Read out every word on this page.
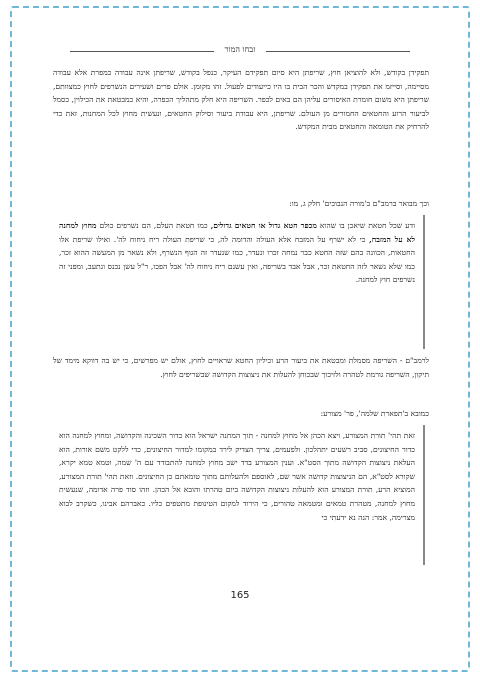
זבחו המור
תפקידן בקודש, ולא להוציאן חוץ, שריפתן היא סיום תפקידם העיקר, כנפל בקודש, שריפתן אינה עבודה כמפרת אלא עבודה מסיימה, וסייזמ את תפקידן במקדש והכר הבית בו היו כייעודים לפעול. זהו מקומן. אולם פרים ושעירים הנשרפים לחוץ כמצוותם, שריפתן היא משום חומרת האיסורים עליהן הם באים לכפר. השריפה היא חלק מתהליך הכפרה, והיא כמבטאת את הכילוין, כסמל לביעור הרוע והחטאים החמורים מן העולם. שריפתן, היא עבודת ביעור וסילוק החטאים, ונעשית מחוץ לכל המחנות, זאת כדי להרחיק את הטומאה והחטאים מבית המקדש.
וכך מבואר ברמב"ם ב'מורה הנבוכים' חלק ג, מו:
ודע שכל חטאת שיאכן בו שהוא מכפר חטא גדול או חטאים גדולים, כמו חטאת העלם, הם נשרפים כולם מחוץ למחנה לא על המזבח, כי לא ישרף על המזבח אלא העולה והדומה לה, כי שריפת העולה ריח ניחוח לה'. ואילו שריפת אלו החטאות, הכוונה בהם שזה החטא כבר נמחה זכרו ונעדר, כמו שנעדר זה הגוף הנשרף, ולא נשאר מן המעשה ההוא זכר, כמו שלא נשאר לזה החטאת זכר, אבל אבד בשריפה, ואין עשנם ריח ניחוח לה' אבל הפכו, ר"ל עשן נכנס ונתעב, ומפני זה נשרפים חוץ למחנה.
לרמב"ם - השריפה מסמלת ומבטאת את ביעור הרע וכיליון החטא שראויים לחוץ, אולם יש מפרשים, כי יש בה דווקא מימד של תיקון, השריפה גורמת לטהרה ולזיכוך שבכוחן להעלות את ניצוצות הקדושה שבשריפים לחוץ.
כמובא ב'תפארת שלמה', פר' מצורע:
זאת תהי' תורת המצורע, ויצא הכהן אל מחוץ למחנה - תוך המחנה ישראל הוא כדור השכינה והקדושה, ומחוץ למחנה הוא כדור החיצונים, סביב רשעים יתהלכון. ולפעמים, צריך הצדיק לירד במקומו למדור החיצונים, כדי ללקט משם אורות, הוא העלאת ניצוצות הקדושה מתוך הסט"א. וענין המצורע בדד ישב מחוץ למחנה להתבודד עם ה' שמה, וטמא טמא יקרא, שקורא לסט"א, הם הניצוצות קדושה אשר שם, לאוספם ולהעלותם מתוך טומאתם כן החיצונים. וזאת תהי' תורת המצורע, המוציא הרע, תורת המצורע הוא להעלות ניצוצות הקדושה ביום טהרתו והובא אל הכהן. וזהו סוד פרה אדומה, שנעשית מחוץ למחנה, מטהרת טמאים ומטמאה טהורים, כי הירוד למקום הטינופת מתטפים כליו. כאברהם אבינו, כשקרב לבוא מצרימה, אמר: הנה נא ידעתי כי
165
